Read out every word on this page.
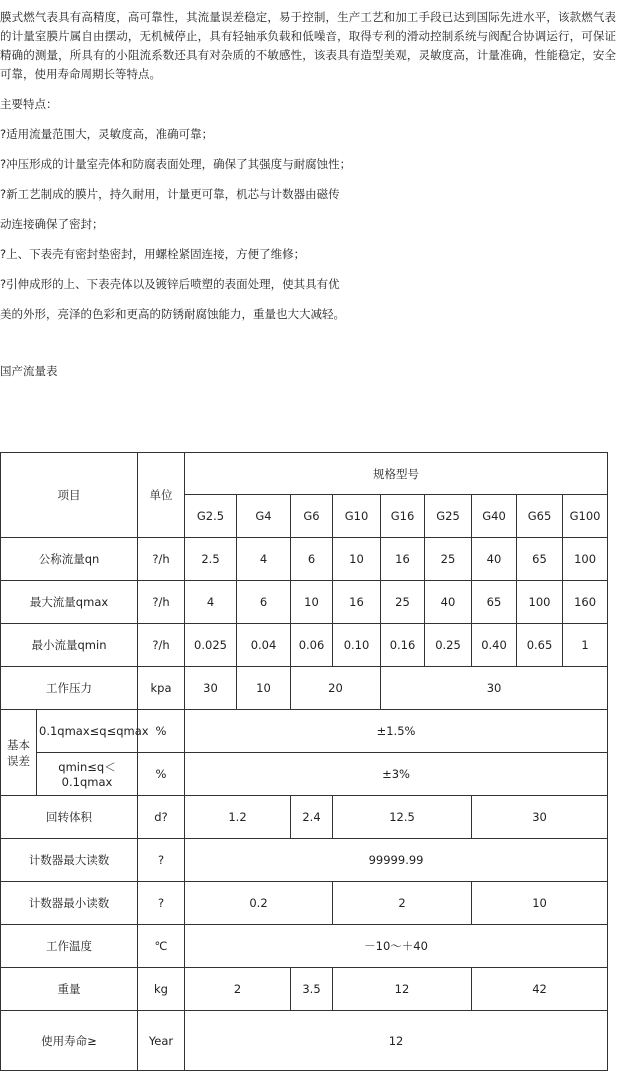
膜式燃气表具有高精度，高可靠性，其流量误差稳定，易于控制，生产工艺和加工手段已达到国际先进水平，该款燃气表的计量室膜片属自由摆动，无机械停止，具有轻轴承负载和低噪音，取得专利的滑动控制系统与阀配合协调运行，可保证精确的测量，所具有的小阻流系数还具有对杂质的不敏感性，该表具有造型美观，灵敏度高，计量准确，性能稳定，安全可靠，使用寿命周期长等特点。
主要特点：
?适用流量范围大，灵敏度高，准确可靠；
?冲压形成的计量室壳体和防腐表面处理，确保了其强度与耐腐蚀性；
?新工艺制成的膜片，持久耐用，计量更可靠，机芯与计数器由磁传
动连接确保了密封；
?上、下表壳有密封垫密封，用螺栓紧固连接，方便了维修；
?引伸成形的上、下表壳体以及镀锌后喷塑的表面处理，使其具有优
美的外形，亮泽的色彩和更高的防锈耐腐蚀能力，重量也大大减轻。
国产流量表
项目		单位	规格型号								
			G2.5	G4	G6	G10	G16	G25	G40	G65	G100
公称流量qn		?/h	2.5	4	6	10	16	25	40	65	100
最大流量qmax		?/h	4	6	10	16	25	40	65	100	160
最小流量qmin		?/h	0.025	0.04	0.06	0.10	0.16	0.25	0.40	0.65	1
工作压力		kpa	30	10	20		30				
基本误差	0.1qmax≤q≤qmax	%	±1.5%								
	qmin≤q＜0.1qmax	%	±3%								
回转体积		d?	1.2		2.4	12.5			30		
计数器最大读数		?	99999.99								
计数器最小读数		?	0.2			2			10		
工作温度		℃	－10～＋40								
重量		kg	2		3.5	12			42		
使用寿命≥		Year	12								
